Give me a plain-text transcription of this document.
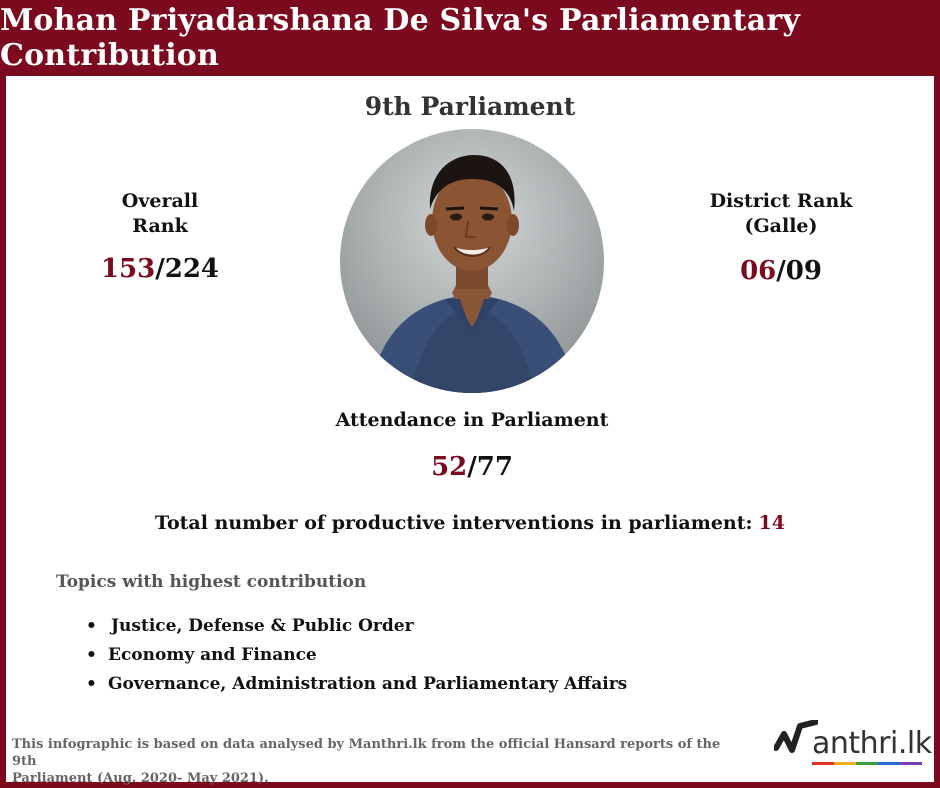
Mohan Priyadarshana De Silva's Parliamentary Contribution
9th Parliament
Overall
Rank
153/224
District Rank
(Galle)
06/09
Attendance in Parliament
52/77
Total number of productive interventions in parliament: 14
Topics with highest contribution
• Justice, Defense & Public Order
• Economy and Finance
• Governance, Administration and Parliamentary Affairs
This infographic is based on data analysed by Manthri.lk from the official Hansard reports of the 9th
Parliament (Aug. 2020- May 2021).
anthri.lk
